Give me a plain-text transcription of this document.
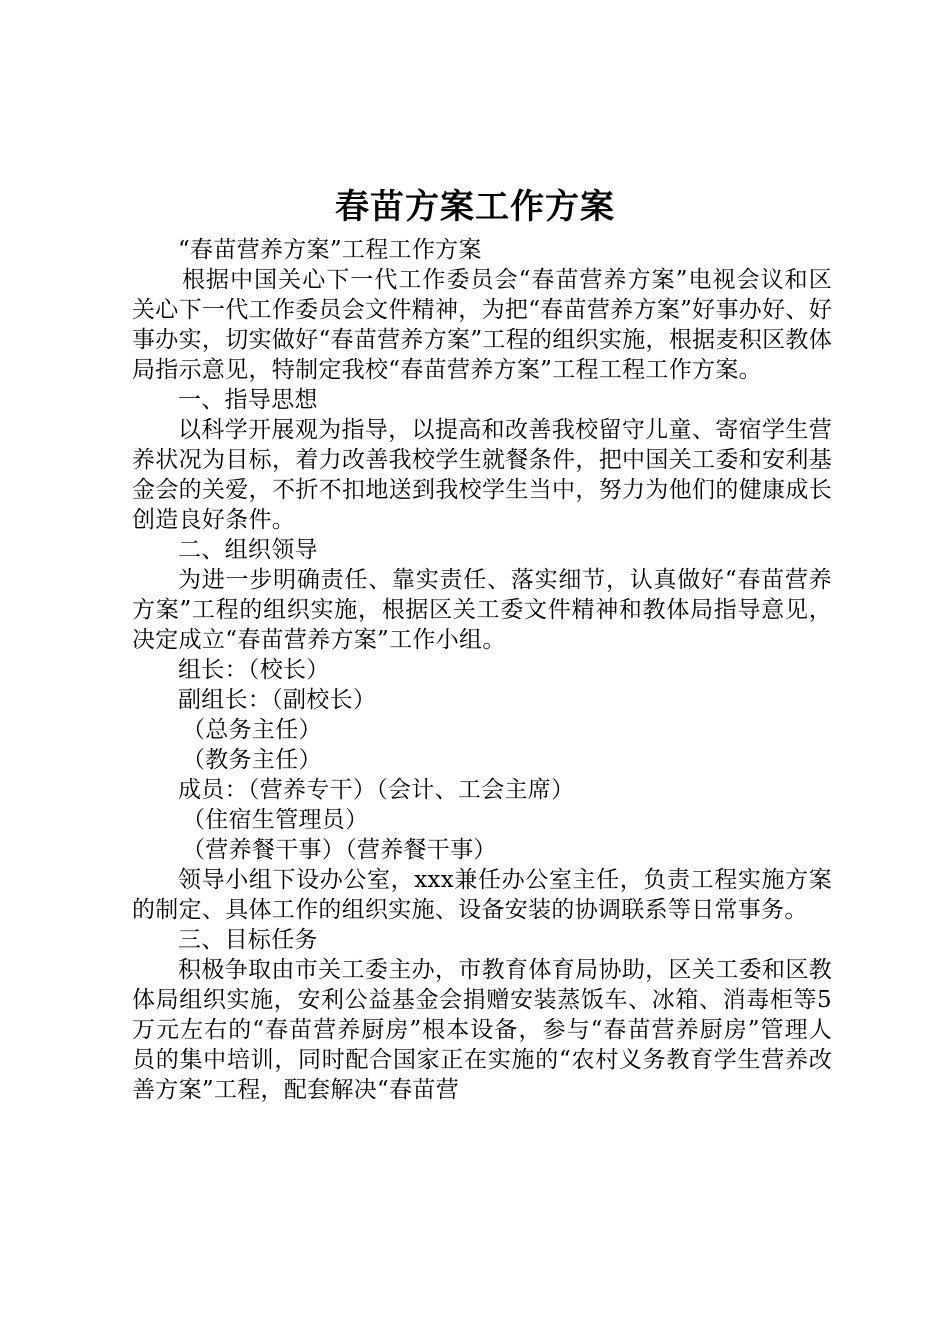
春苗方案工作方案

“春苗营养方案”工程工作方案

根据中国关心下一代工作委员会“春苗营养方案”电视会议和区关心下一代工作委员会文件精神，为把“春苗营养方案”好事办好、好事办实，切实做好“春苗营养方案”工程的组织实施，根据麦积区教体局指示意见，特制定我校“春苗营养方案”工程工程工作方案。

一、指导思想

以科学开展观为指导，以提高和改善我校留守儿童、寄宿学生营养状况为目标，着力改善我校学生就餐条件，把中国关工委和安利基金会的关爱，不折不扣地送到我校学生当中，努力为他们的健康成长创造良好条件。

二、组织领导

为进一步明确责任、靠实责任、落实细节，认真做好“春苗营养方案”工程的组织实施，根据区关工委文件精神和教体局指导意见，决定成立“春苗营养方案”工作小组。

组长：（校长）

副组长：（副校长）

（总务主任）

（教务主任）

成员：（营养专干）（会计、工会主席）

（住宿生管理员）

（营养餐干事）（营养餐干事）

领导小组下设办公室，xxx兼任办公室主任，负责工程实施方案的制定、具体工作的组织实施、设备安装的协调联系等日常事务。

三、目标任务

积极争取由市关工委主办，市教育体育局协助，区关工委和区教体局组织实施，安利公益基金会捐赠安装蒸饭车、冰箱、消毒柜等5万元左右的“春苗营养厨房”根本设备，参与“春苗营养厨房”管理人员的集中培训，同时配合国家正在实施的“农村义务教育学生营养改善方案”工程，配套解决“春苗营
